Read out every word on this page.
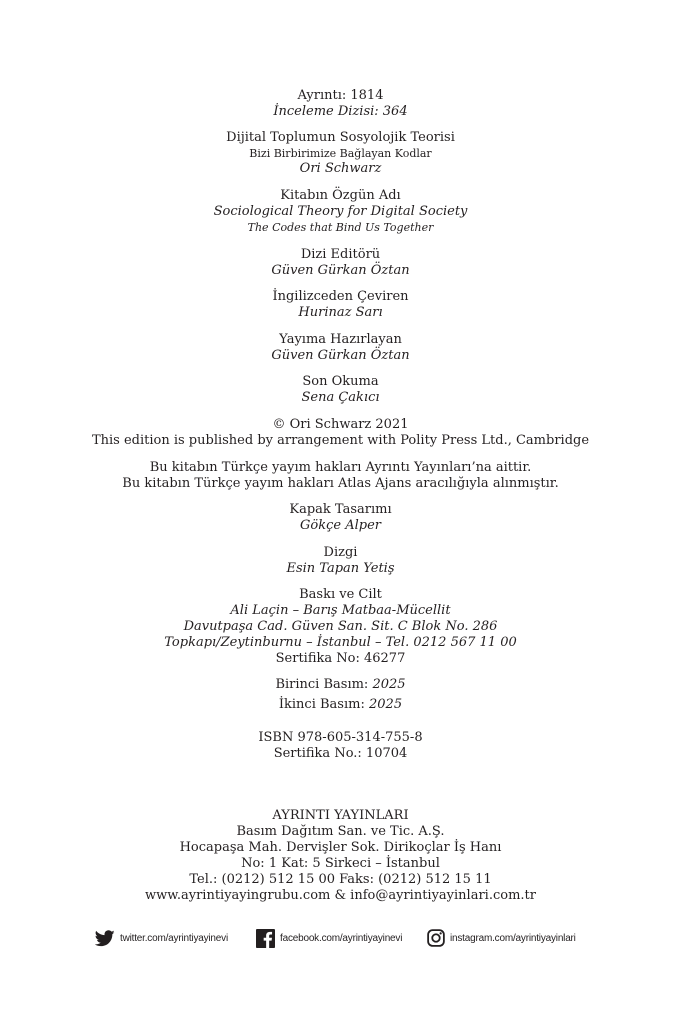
Ayrıntı: 1814
İnceleme Dizisi: 364
Dijital Toplumun Sosyolojik Teorisi
Bizi Birbirimize Bağlayan Kodlar
Ori Schwarz
Kitabın Özgün Adı
Sociological Theory for Digital Society
The Codes that Bind Us Together
Dizi Editörü
Güven Gürkan Öztan
İngilizceden Çeviren
Hurinaz Sarı
Yayıma Hazırlayan
Güven Gürkan Öztan
Son Okuma
Sena Çakıcı
© Ori Schwarz 2021
This edition is published by arrangement with Polity Press Ltd., Cambridge
Bu kitabın Türkçe yayım hakları Ayrıntı Yayınları’na aittir.
Bu kitabın Türkçe yayım hakları Atlas Ajans aracılığıyla alınmıştır.
Kapak Tasarımı
Gökçe Alper
Dizgi
Esin Tapan Yetiş
Baskı ve Cilt
Ali Laçin – Barış Matbaa-Mücellit
Davutpaşa Cad. Güven San. Sit. C Blok No. 286
Topkapı/Zeytinburnu – İstanbul – Tel. 0212 567 11 00
Sertifika No: 46277
Birinci Basım: 2025
İkinci Basım: 2025
ISBN 978-605-314-755-8
Sertifika No.: 10704
AYRINTI YAYINLARI
Basım Dağıtım San. ve Tic. A.Ş.
Hocapaşa Mah. Dervişler Sok. Dirikoçlar İş Hanı
No: 1 Kat: 5 Sirkeci – İstanbul
Tel.: (0212) 512 15 00 Faks: (0212) 512 15 11
www.ayrintiyayingrubu.com & info@ayrintiyayinlari.com.tr
twitter.com/ayrintiyayinevi	facebook.com/ayrintiyayinevi	instagram.com/ayrintiyayinlari
